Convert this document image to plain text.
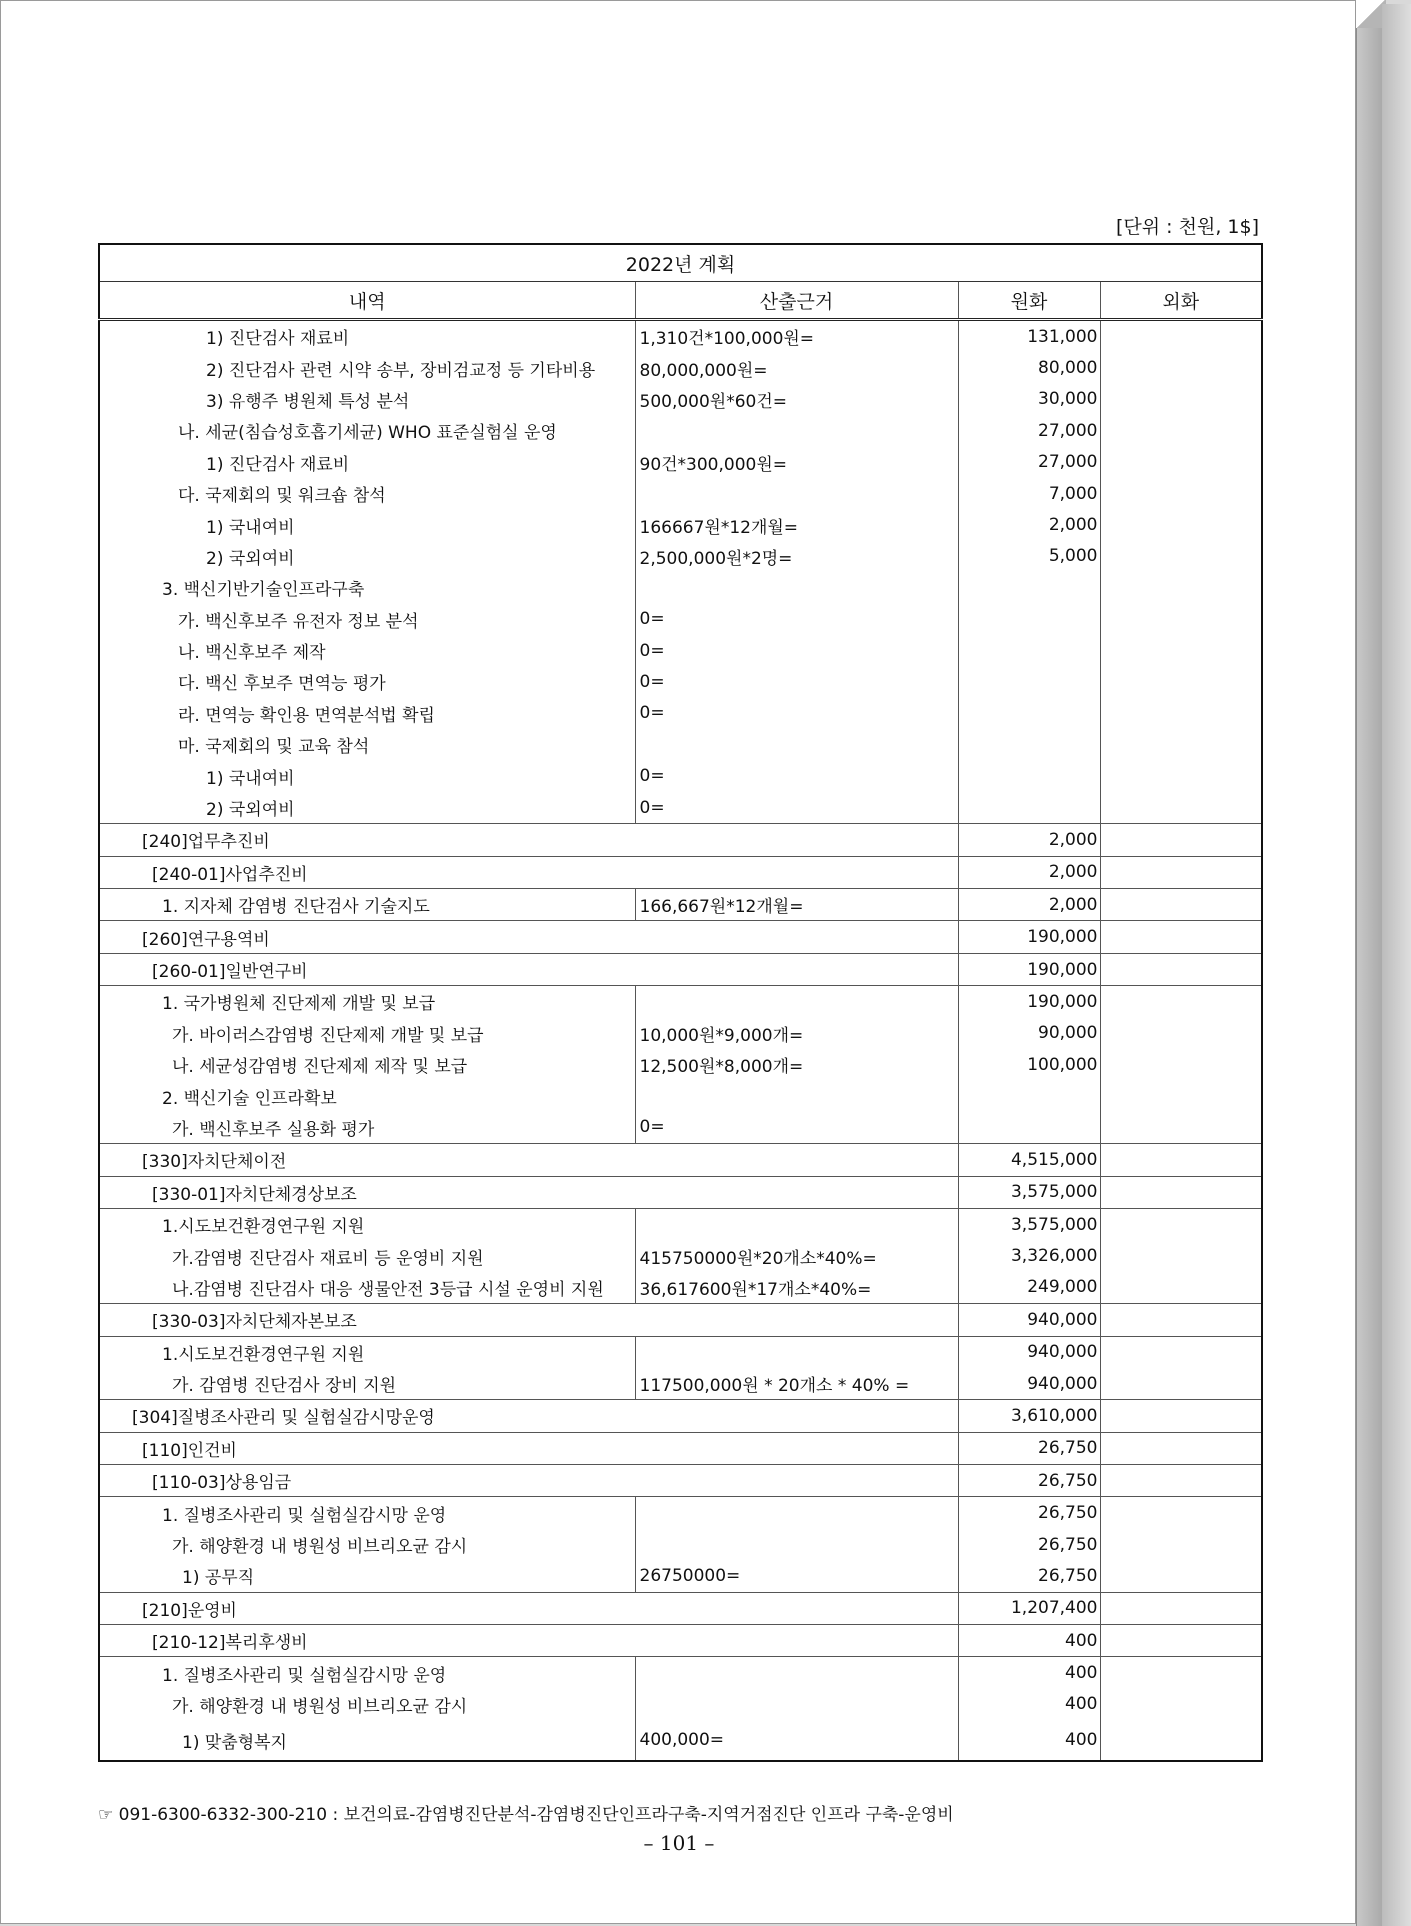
[단위 : 천원, 1$]
2022년 계획			
내역	산출근거	원화	외화
1) 진단검사 재료비	1,310건*100,000원=	131,000	
2) 진단검사 관련 시약 송부, 장비검교정 등 기타비용	80,000,000원=	80,000	
3) 유행주 병원체 특성 분석	500,000원*60건=	30,000	
나. 세균(침습성호흡기세균) WHO 표준실험실 운영		27,000	
1) 진단검사 재료비	90건*300,000원=	27,000	
다. 국제회의 및 워크숍 참석		7,000	
1) 국내여비	166667원*12개월=	2,000	
2) 국외여비	2,500,000원*2명=	5,000	
3. 백신기반기술인프라구축			
가. 백신후보주 유전자 정보 분석	0=		
나. 백신후보주 제작	0=		
다. 백신 후보주 면역능 평가	0=		
라. 면역능 확인용 면역분석법 확립	0=		
마. 국제회의 및 교육 참석			
1) 국내여비	0=		
2) 국외여비	0=		
[240]업무추진비		2,000	
[240-01]사업추진비		2,000	
1. 지자체 감염병 진단검사 기술지도	166,667원*12개월=	2,000	
[260]연구용역비		190,000	
[260-01]일반연구비		190,000	
1. 국가병원체 진단제제 개발 및 보급		190,000	
가. 바이러스감염병 진단제제 개발 및 보급	10,000원*9,000개=	90,000	
나. 세균성감염병 진단제제 제작 및 보급	12,500원*8,000개=	100,000	
2. 백신기술 인프라확보			
가. 백신후보주 실용화 평가	0=		
[330]자치단체이전		4,515,000	
[330-01]자치단체경상보조		3,575,000	
1.시도보건환경연구원 지원		3,575,000	
가.감염병 진단검사 재료비 등 운영비 지원	415750000원*20개소*40%=	3,326,000	
나.감염병 진단검사 대응 생물안전 3등급 시설 운영비 지원	36,617600원*17개소*40%=	249,000	
[330-03]자치단체자본보조		940,000	
1.시도보건환경연구원 지원		940,000	
가. 감염병 진단검사 장비 지원	117500,000원 * 20개소 * 40% =	940,000	
[304]질병조사관리 및 실험실감시망운영		3,610,000	
[110]인건비		26,750	
[110-03]상용임금		26,750	
1. 질병조사관리 및 실험실감시망 운영		26,750	
가. 해양환경 내 병원성 비브리오균 감시		26,750	
1) 공무직	26750000=	26,750	
[210]운영비		1,207,400	
[210-12]복리후생비		400	
1. 질병조사관리 및 실험실감시망 운영		400	
가. 해양환경 내 병원성 비브리오균 감시		400	
1) 맞춤형복지	400,000=	400	
☞ 091-6300-6332-300-210 : 보건의료-감염병진단분석-감염병진단인프라구축-지역거점진단 인프라 구축-운영비
– 101 –
